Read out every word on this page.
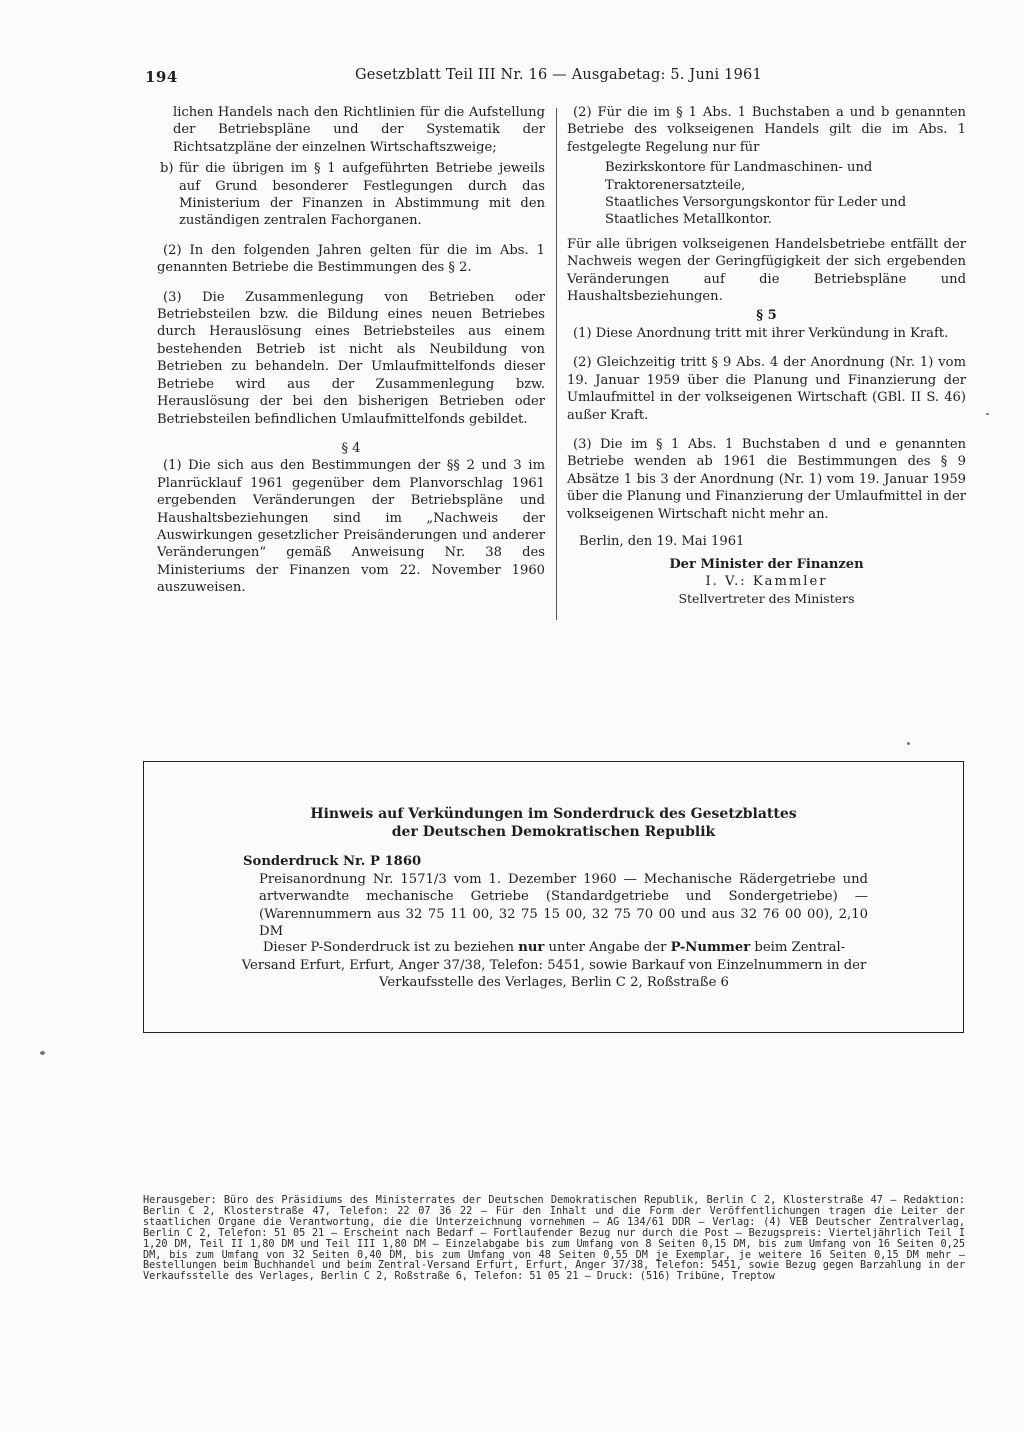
194	Gesetzblatt Teil III Nr. 16 — Ausgabetag: 5. Juni 1961

lichen Handels nach den Richtlinien für die Aufstellung der Betriebspläne und der Systematik der Richtsatzpläne der einzelnen Wirtschaftszweige;

b) für die übrigen im § 1 aufgeführten Betriebe jeweils auf Grund besonderer Festlegungen durch das Ministerium der Finanzen in Abstimmung mit den zuständigen zentralen Fachorganen.

(2) In den folgenden Jahren gelten für die im Abs. 1 genannten Betriebe die Bestimmungen des § 2.

(3) Die Zusammenlegung von Betrieben oder Betriebsteilen bzw. die Bildung eines neuen Betriebes durch Herauslösung eines Betriebsteiles aus einem bestehenden Betrieb ist nicht als Neubildung von Betrieben zu behandeln. Der Umlaufmittelfonds dieser Betriebe wird aus der Zusammenlegung bzw. Herauslösung der bei den bisherigen Betrieben oder Betriebsteilen befindlichen Umlaufmittelfonds gebildet.

§ 4

(1) Die sich aus den Bestimmungen der §§ 2 und 3 im Planrücklauf 1961 gegenüber dem Planvorschlag 1961 ergebenden Veränderungen der Betriebspläne und Haushaltsbeziehungen sind im „Nachweis der Auswirkungen gesetzlicher Preisänderungen und anderer Veränderungen“ gemäß Anweisung Nr. 38 des Ministeriums der Finanzen vom 22. November 1960 auszuweisen.

(2) Für die im § 1 Abs. 1 Buchstaben a und b genannten Betriebe des volkseigenen Handels gilt die im Abs. 1 festgelegte Regelung nur für

Bezirkskontore für Landmaschinen- und Traktorenersatzteile,

Staatliches Versorgungskontor für Leder und Staatliches Metallkontor.

Für alle übrigen volkseigenen Handelsbetriebe entfällt der Nachweis wegen der Geringfügigkeit der sich ergebenden Veränderungen auf die Betriebspläne und Haushaltsbeziehungen.

§ 5

(1) Diese Anordnung tritt mit ihrer Verkündung in Kraft.

(2) Gleichzeitig tritt § 9 Abs. 4 der Anordnung (Nr. 1) vom 19. Januar 1959 über die Planung und Finanzierung der Umlaufmittel in der volkseigenen Wirtschaft (GBl. II S. 46) außer Kraft.

(3) Die im § 1 Abs. 1 Buchstaben d und e genannten Betriebe wenden ab 1961 die Bestimmungen des § 9 Absätze 1 bis 3 der Anordnung (Nr. 1) vom 19. Januar 1959 über die Planung und Finanzierung der Umlaufmittel in der volkseigenen Wirtschaft nicht mehr an.

Berlin, den 19. Mai 1961

Der Minister der Finanzen
I. V.: Kammler
Stellvertreter des Ministers
Hinweis auf Verkündungen im Sonderdruck des Gesetzblattes
der Deutschen Demokratischen Republik
Sonderdruck Nr. P 1860
Preisanordnung Nr. 1571/3 vom 1. Dezember 1960 — Mechanische Rädergetriebe und artverwandte mechanische Getriebe (Standardgetriebe und Sondergetriebe) — (Warennummern aus 32 75 11 00, 32 75 15 00, 32 75 70 00 und aus 32 76 00 00), 2,10 DM
Dieser P-Sonderdruck ist zu beziehen nur unter Angabe der P-Nummer beim Zentral-Versand Erfurt, Erfurt, Anger 37/38, Telefon: 5451, sowie Barkauf von Einzelnummern in der Verkaufsstelle des Verlages, Berlin C 2, Roßstraße 6
Herausgeber: Büro des Präsidiums des Ministerrates der Deutschen Demokratischen Republik, Berlin C 2, Klosterstraße 47 — Redaktion: Berlin C 2, Klosterstraße 47, Telefon: 22 07 36 22 — Für den Inhalt und die Form der Veröffentlichungen tragen die Leiter der staatlichen Organe die Verantwortung, die die Unterzeichnung vornehmen — AG 134/61 DDR — Verlag: (4) VEB Deutscher Zentralverlag, Berlin C 2, Telefon: 51 05 21 — Erscheint nach Bedarf — Fortlaufender Bezug nur durch die Post — Bezugspreis: Vierteljährlich Teil I 1,20 DM, Teil II 1,80 DM und Teil III 1,80 DM — Einzelabgabe bis zum Umfang von 8 Seiten 0,15 DM, bis zum Umfang von 16 Seiten 0,25 DM, bis zum Umfang von 32 Seiten 0,40 DM, bis zum Umfang von 48 Seiten 0,55 DM je Exemplar, je weitere 16 Seiten 0,15 DM mehr — Bestellungen beim Buchhandel und beim Zentral-Versand Erfurt, Erfurt, Anger 37/38, Telefon: 5451, sowie Bezug gegen Barzahlung in der Verkaufsstelle des Verlages, Berlin C 2, Roßstraße 6, Telefon: 51 05 21 — Druck: (516) Tribüne, Treptow
